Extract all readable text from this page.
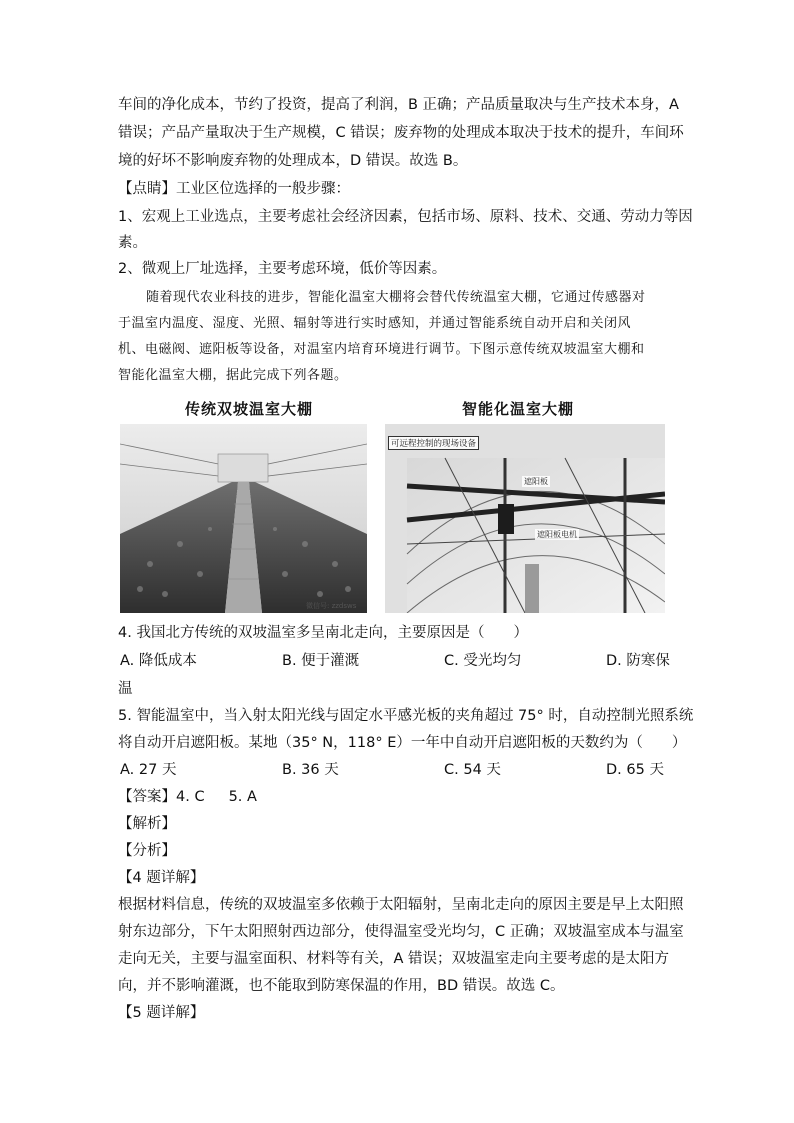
车间的净化成本，节约了投资，提高了利润，B 正确；产品质量取决与生产技术本身，A
错误；产品产量取决于生产规模，C 错误；废弃物的处理成本取决于技术的提升，车间环
境的好坏不影响废弃物的处理成本，D 错误。故选 B。
【点睛】工业区位选择的一般步骤：
1、宏观上工业选点，主要考虑社会经济因素，包括市场、原料、技术、交通、劳动力等因
素。
2、微观上厂址选择，主要考虑环境，低价等因素。
随着现代农业科技的进步，智能化温室大棚将会替代传统温室大棚，它通过传感器对
于温室内温度、湿度、光照、辐射等进行实时感知，并通过智能系统自动开启和关闭风
机、电磁阀、遮阳板等设备，对温室内培育环境进行调节。下图示意传统双坡温室大棚和
智能化温室大棚，据此完成下列各题。
传统双坡温室大棚	智能化温室大棚
微信号: zzdsws
可远程控制的现场设备
遮阳板
遮阳板电机
4. 我国北方传统的双坡温室多呈南北走向，主要原因是（　　）
A. 降低成本	B. 便于灌溉	C. 受光均匀	D. 防寒保
温
5. 智能温室中，当入射太阳光线与固定水平感光板的夹角超过 75° 时，自动控制光照系统
将自动开启遮阳板。某地（35° N，118° E）一年中自动开启遮阳板的天数约为（　　）
A. 27 天	B. 36 天	C. 54 天	D. 65 天
【答案】4. C 5. A
【解析】
【分析】
【4 题详解】
根据材料信息，传统的双坡温室多依赖于太阳辐射，呈南北走向的原因主要是早上太阳照
射东边部分，下午太阳照射西边部分，使得温室受光均匀，C 正确；双坡温室成本与温室
走向无关，主要与温室面积、材料等有关，A 错误；双坡温室走向主要考虑的是太阳方
向，并不影响灌溉，也不能取到防寒保温的作用，BD 错误。故选 C。
【5 题详解】
